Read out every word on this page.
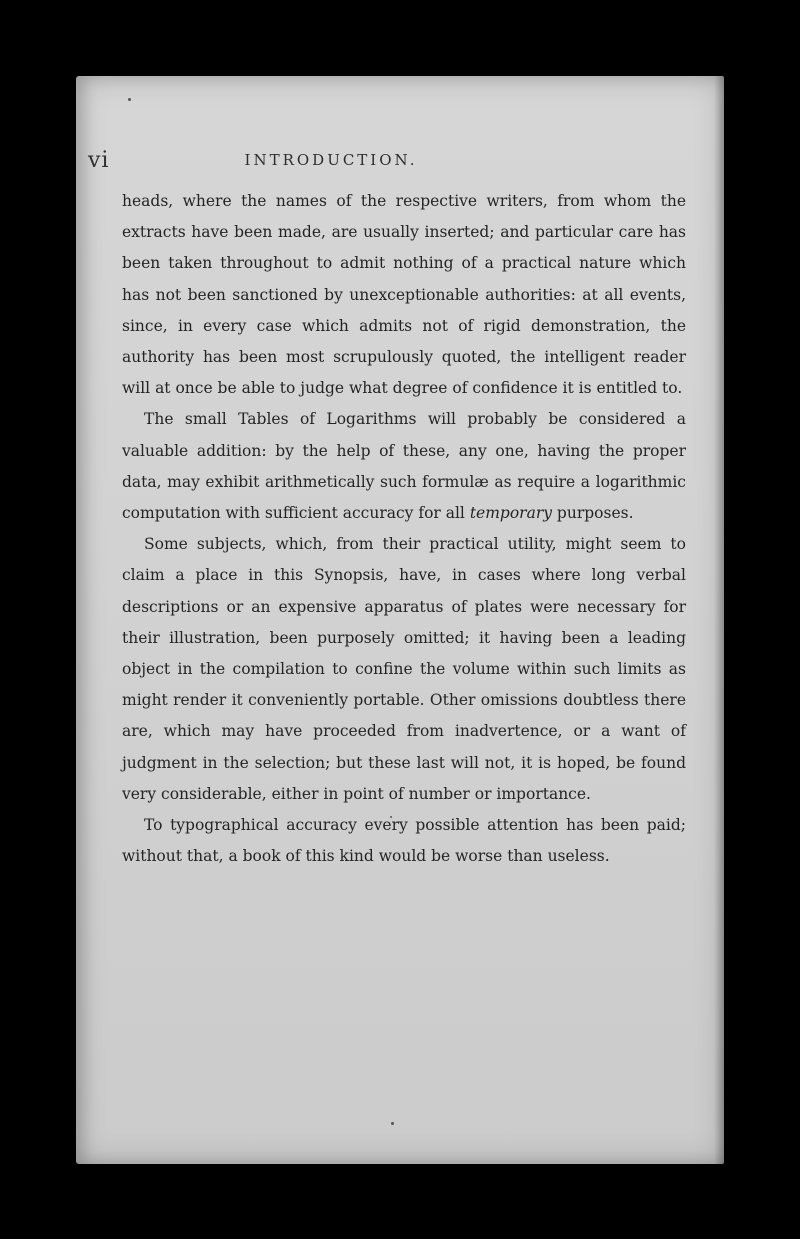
vi	INTRODUCTION.

heads, where the names of the respective writers, from whom the extracts have been made, are usually inserted; and particular care has been taken throughout to admit nothing of a practical nature which has not been sanctioned by unexceptionable authorities: at all events, since, in every case which admits not of rigid demonstration, the authority has been most scrupulously quoted, the intelligent reader will at once be able to judge what degree of confidence it is entitled to.

The small Tables of Logarithms will probably be considered a valuable addition: by the help of these, any one, having the proper data, may exhibit arithmetically such formulæ as require a logarithmic computation with sufficient accuracy for all temporary purposes.

Some subjects, which, from their practical utility, might seem to claim a place in this Synopsis, have, in cases where long verbal descriptions or an expensive apparatus of plates were necessary for their illustration, been purposely omitted; it having been a leading object in the compilation to confine the volume within such limits as might render it conveniently portable. Other omissions doubtless there are, which may have proceeded from inadvertence, or a want of judgment in the selection; but these last will not, it is hoped, be found very considerable, either in point of number or importance.

To typographical accuracy every possible attention has been paid; without that, a book of this kind would be worse than useless.
